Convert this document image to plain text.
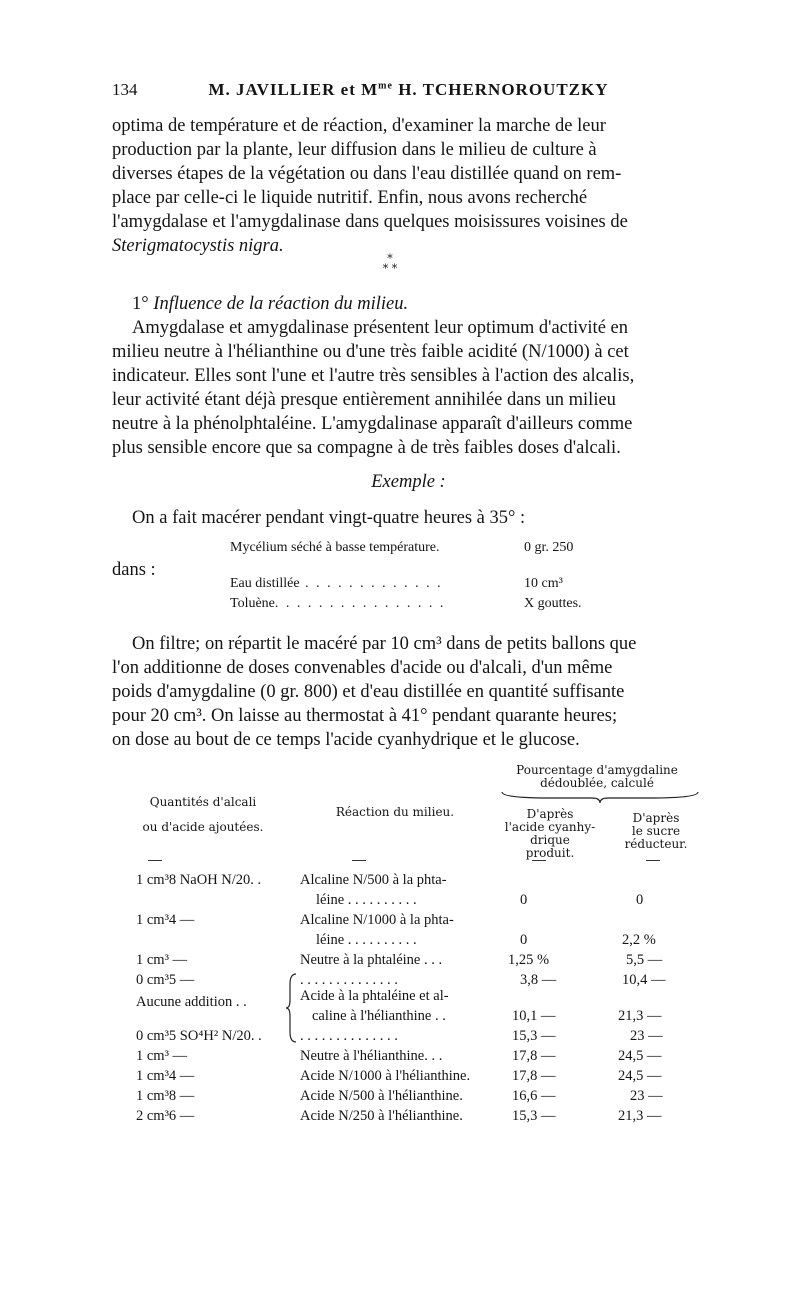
134	M. JAVILLIER et $M^{me}$ H. TCHERNOROUTZKY

optima de température et de réaction, d'examiner la marche de leur

production par la plante, leur diffusion dans le milieu de culture à

diverses étapes de la végétation ou dans l'eau distillée quand on rem-

place par celle-ci le liquide nutritif. Enfin, nous avons recherché

l'amygdalase et l'amygdalinase dans quelques moisissures voisines de

Sterigmatocystis nigra.

*
* *

1° Influence de la réaction du milieu.

Amygdalase et amygdalinase présentent leur optimum d'activité en

milieu neutre à l'hélianthine ou d'une très faible acidité (N/1000) à cet

indicateur. Elles sont l'une et l'autre très sensibles à l'action des alcalis,

leur activité étant déjà presque entièrement annihilée dans un milieu

neutre à la phénolphtaléine. L'amygdalinase apparaît d'ailleurs comme

plus sensible encore que sa compagne à de très faibles doses d'alcali.

Exemple :
On a fait macérer pendant vingt-quatre heures à 35° :
dans :
Mycélium séché à basse température.	0 gr. 250
Eau distillée . . . . . . . . . . . . .	10 cm³
Toluène. . . . . . . . . . . . . . . .	X gouttes.

On filtre; on répartit le macéré par 10 cm³ dans de petits ballons que

l'on additionne de doses convenables d'acide ou d'alcali, d'un même

poids d'amygdaline (0 gr. 800) et d'eau distillée en quantité suffisante

pour 20 cm³. On laisse au thermostat à 41° pendant quarante heures;

on dose au bout de ce temps l'acide cyanhydrique et le glucose.

Pourcentage d'amygdaline
dédoublée, calculé
Quantités d'alcali
ou d'acide ajoutées.
Réaction du milieu.	D'après
l'acide cyanhy-
drique
produit.
D'après
le sucre
réducteur.
1 cm³8 NaOH N/20. .	Alcaline N/500 à la phta-
léine . . . . . . . . . .	0	0
1 cm³4 —	Alcaline N/1000 à la phta-
léine . . . . . . . . . .	0	2,2 %
1 cm³ —	Neutre à la phtaléine . . .	1,25 %	5,5 —
0 cm³5 —	. . . . . . . . . . . . . .	3,8 —	10,4 —
Aucune addition . .	Acide à la phtaléine et al-
caline à l'hélianthine . .	10,1 —	21,3 —
0 cm³5 SO⁴H² N/20. .	. . . . . . . . . . . . . .	15,3 —	23 —
1 cm³ —	Neutre à l'hélianthine. . .	17,8 —	24,5 —
1 cm³4 —	Acide N/1000 à l'hélianthine.	17,8 —	24,5 —
1 cm³8 —	Acide N/500 à l'hélianthine.	16,6 —	23 —
2 cm³6 —	Acide N/250 à l'hélianthine.	15,3 —	21,3 —
